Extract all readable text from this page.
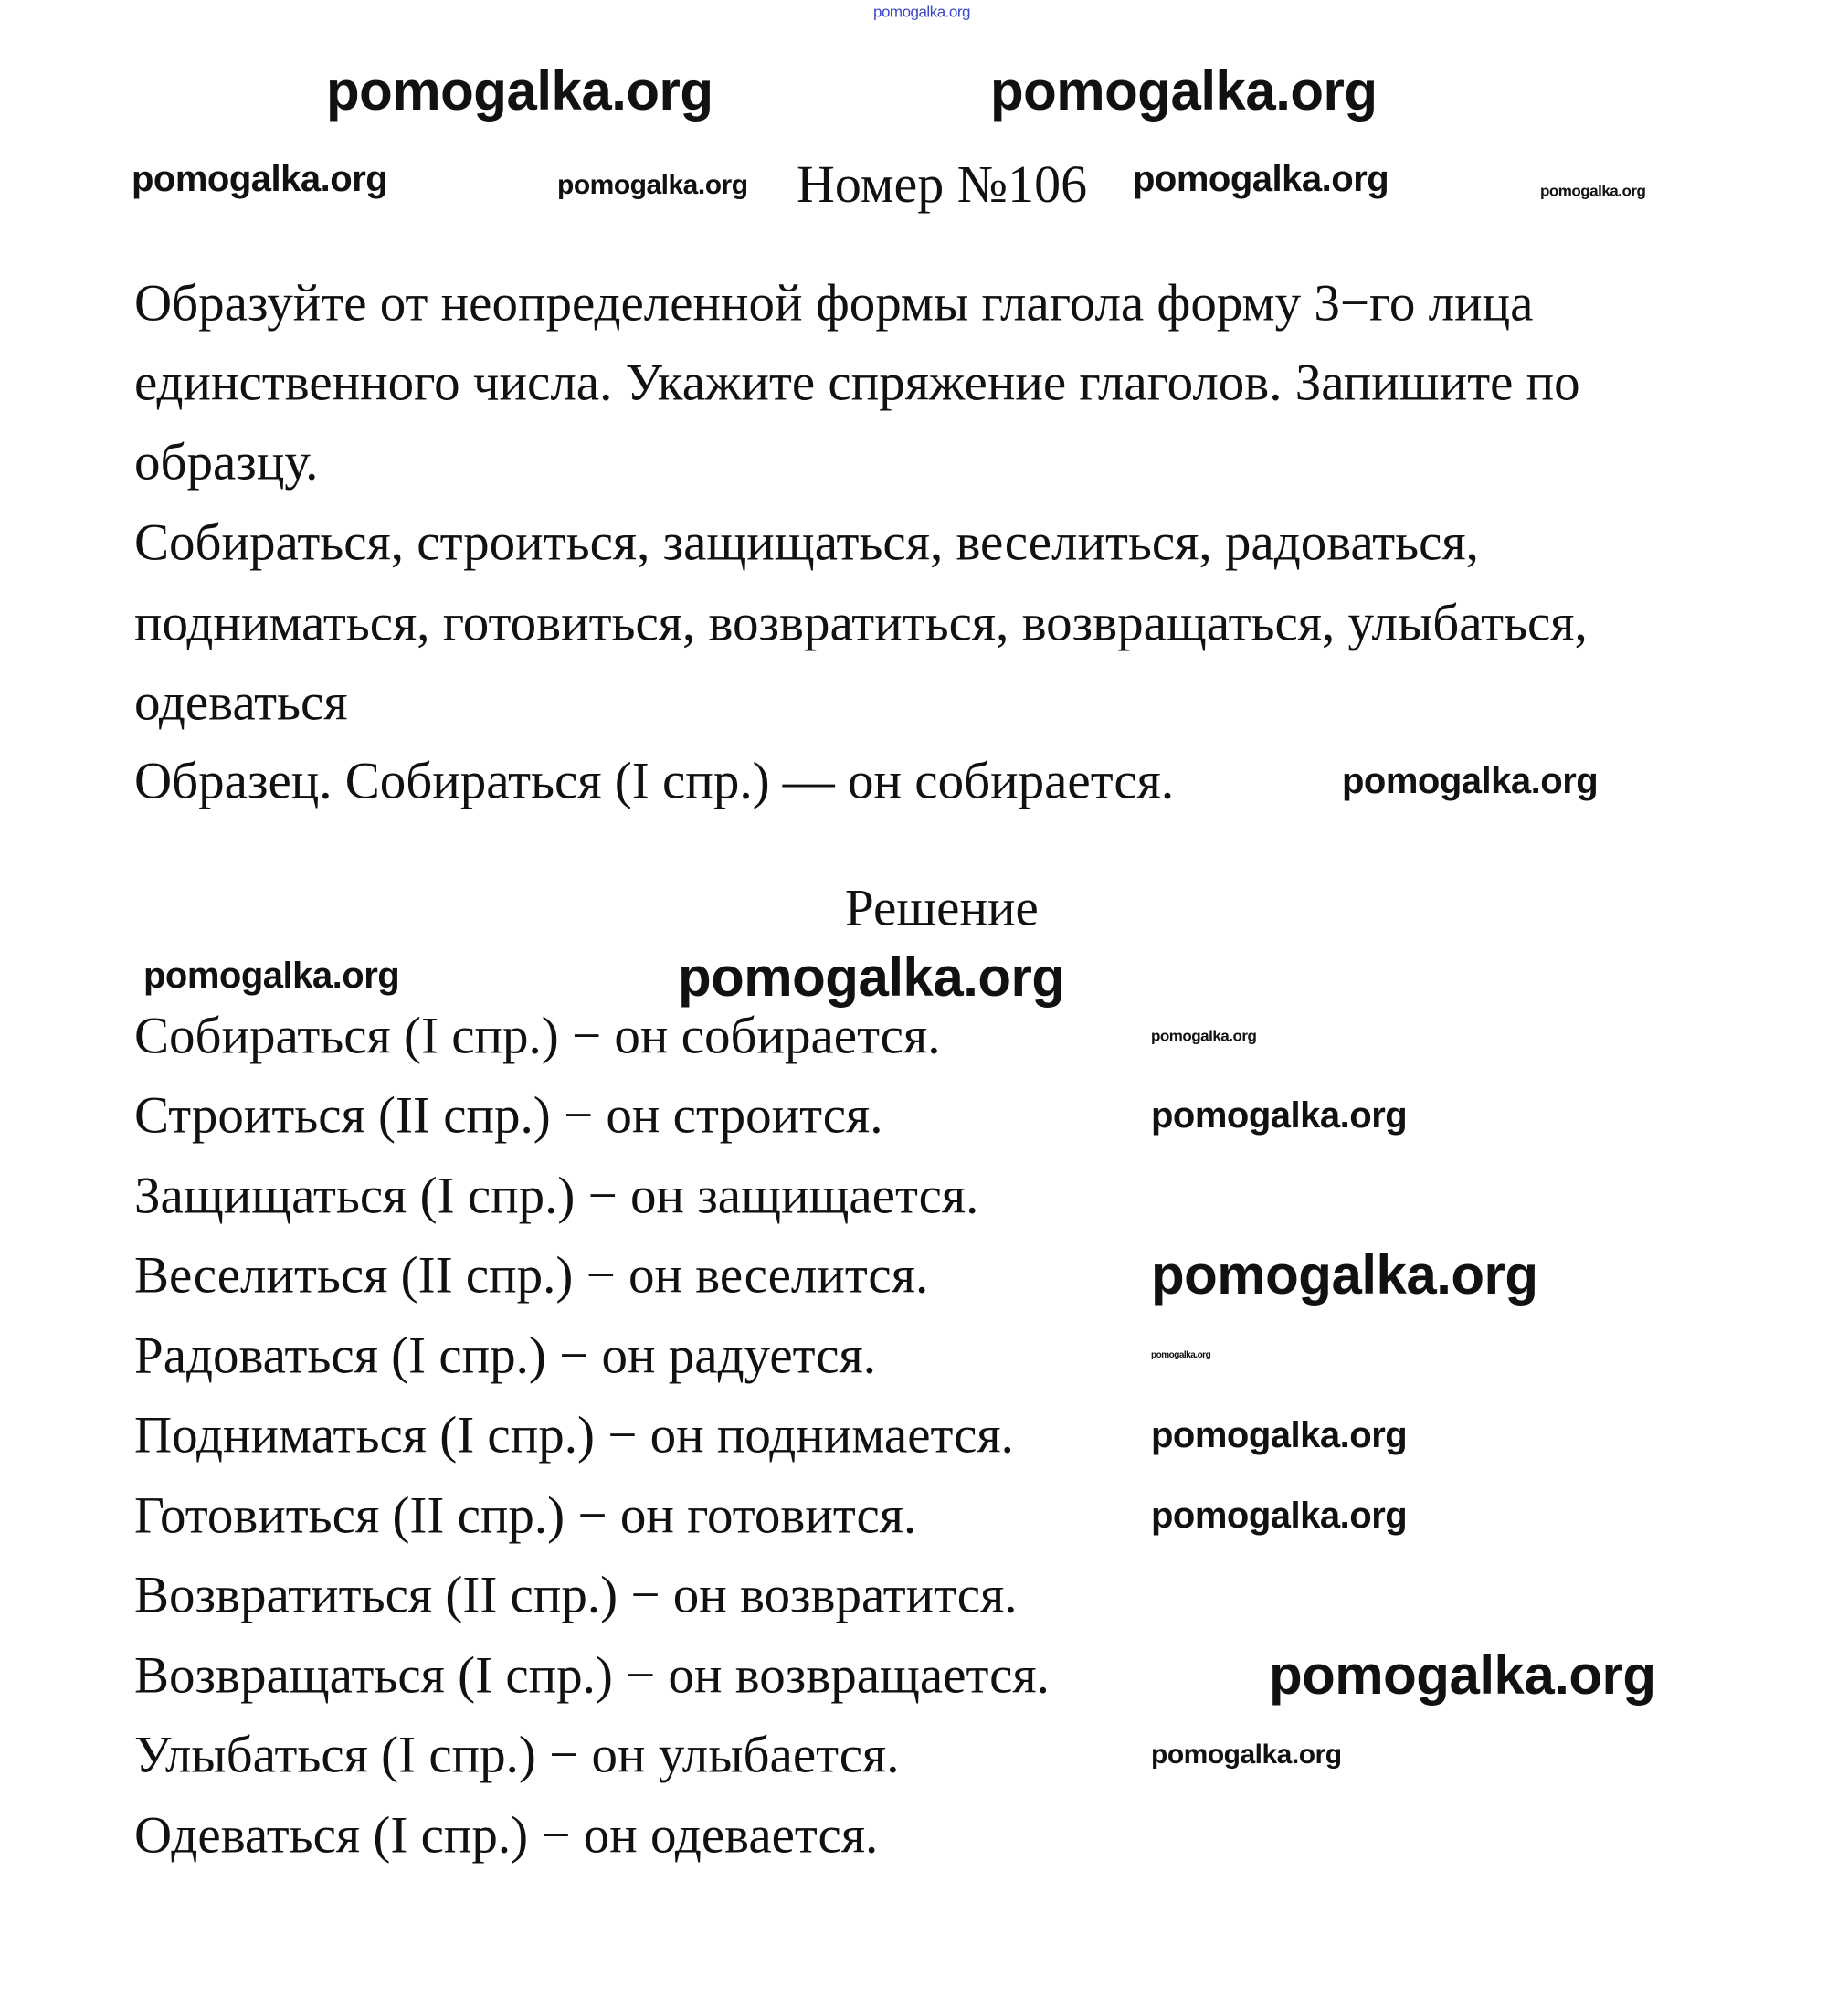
pomogalka.org
Номер №106
Образуйте от неопределенной формы глагола форму 3−го лица
единственного числа. Укажите спряжение глаголов. Запишите по
образцу.
Собираться, строиться, защищаться, веселиться, радоваться,
подниматься, готовиться, возвратиться, возвращаться, улыбаться,
одеваться
Образец. Собираться (I спр.) — он собирается.
Решение
Собираться (I спр.) − он собирается.
Строиться (II спр.) − он строится.
Защищаться (I спр.) − он защищается.
Веселиться (II спр.) − он веселится.
Радоваться (I спр.) − он радуется.
Подниматься (I спр.) − он поднимается.
Готовиться (II спр.) − он готовится.
Возвратиться (II спр.) − он возвратится.
Возвращаться (I спр.) − он возвращается.
Улыбаться (I спр.) − он улыбается.
Одеваться (I спр.) − он одевается.
pomogalka.org	pomogalka.org	pomogalka.org	pomogalka.org
pomogalka.org	pomogalka.org
pomogalka.org
pomogalka.org	pomogalka.org
pomogalka.org
pomogalka.org
pomogalka.org
pomogalka.org
pomogalka.org
pomogalka.org
pomogalka.org
pomogalka.org
